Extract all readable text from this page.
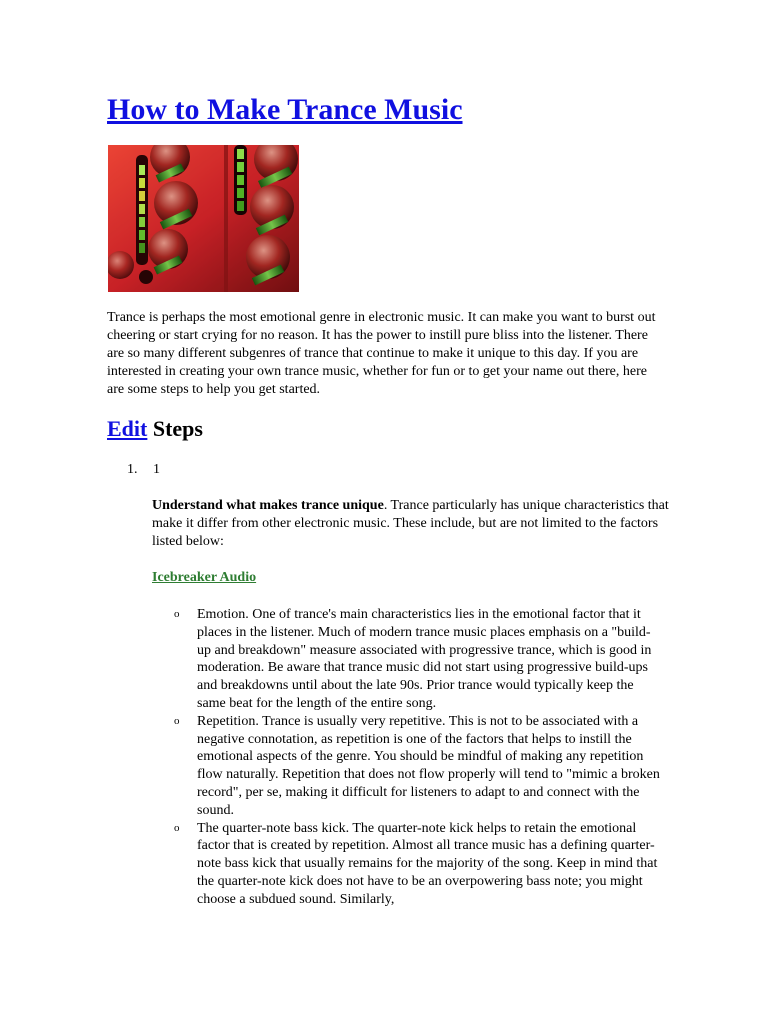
How to Make Trance Music

Trance is perhaps the most emotional genre in electronic music. It can make you want to burst out cheering or start crying for no reason. It has the power to instill pure bliss into the listener. There are so many different subgenres of trance that continue to make it unique to this day. If you are interested in creating your own trance music, whether for fun or to get your name out there, here are some steps to help you get started.

Edit Steps
1. 1

Understand what makes trance unique. Trance particularly has unique characteristics that make it differ from other electronic music. These include, but are not limited to the factors listed below:

Icebreaker Audio
o Emotion. One of trance's main characteristics lies in the emotional factor that it places in the listener. Much of modern trance music places emphasis on a "build-up and breakdown" measure associated with progressive trance, which is good in moderation. Be aware that trance music did not start using progressive build-ups and breakdowns until about the late 90s. Prior trance would typically keep the same beat for the length of the entire song.
o Repetition. Trance is usually very repetitive. This is not to be associated with a negative connotation, as repetition is one of the factors that helps to instill the emotional aspects of the genre. You should be mindful of making any repetition flow naturally. Repetition that does not flow properly will tend to "mimic a broken record", per se, making it difficult for listeners to adapt to and connect with the sound.
o The quarter-note bass kick. The quarter-note kick helps to retain the emotional factor that is created by repetition. Almost all trance music has a defining quarter-note bass kick that usually remains for the majority of the song. Keep in mind that the quarter-note kick does not have to be an overpowering bass note; you might choose a subdued sound. Similarly,
